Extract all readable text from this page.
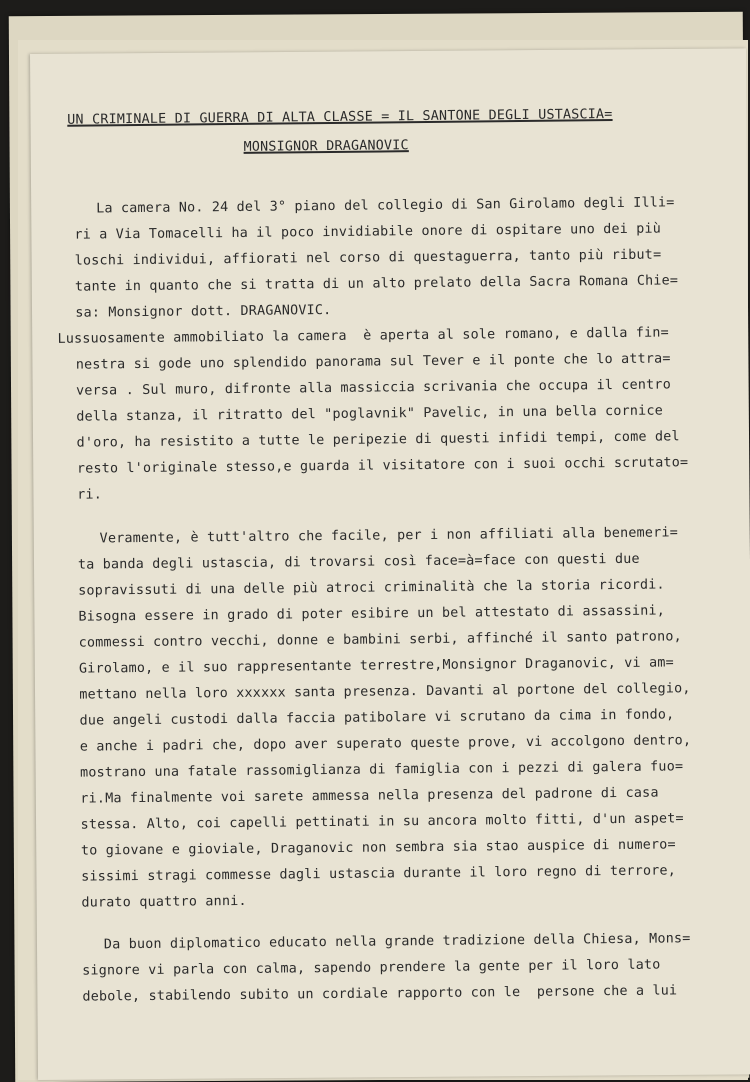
UN CRIMINALE DI GUERRA DI ALTA CLASSE = IL SANTONE DEGLI USTASCIA=
MONSIGNOR DRAGANOVIC
La camera No. 24 del 3° piano del collegio di San Girolamo degli Illi=
ri a Via Tomacelli ha il poco invidiabile onore di ospitare uno dei più
loschi individui, affiorati nel corso di questaguerra, tanto più ribut=
tante in quanto che si tratta di un alto prelato della Sacra Romana Chie=
sa: Monsignor dott. DRAGANOVIC.
Lussuosamente ammobiliato la camera  è aperta al sole romano, e dalla fin=
nestra si gode uno splendido panorama sul Tever e il ponte che lo attra=
versa . Sul muro, difronte alla massiccia scrivania che occupa il centro
della stanza, il ritratto del "poglavnik" Pavelic, in una bella cornice
d'oro, ha resistito a tutte le peripezie di questi infidi tempi, come del
resto l'originale stesso,e guarda il visitatore con i suoi occhi scrutato=
ri.
Veramente, è tutt'altro che facile, per i non affiliati alla benemeri=
ta banda degli ustascia, di trovarsi così face=à=face con questi due
sopravissuti di una delle più atroci criminalità che la storia ricordi.
Bisogna essere in grado di poter esibire un bel attestato di assassini,
commessi contro vecchi, donne e bambini serbi, affinché il santo patrono,
Girolamo, e il suo rappresentante terrestre,Monsignor Draganovic, vi am=
mettano nella loro xxxxxx santa presenza. Davanti al portone del collegio,
due angeli custodi dalla faccia patibolare vi scrutano da cima in fondo,
e anche i padri che, dopo aver superato queste prove, vi accolgono dentro,
mostrano una fatale rassomiglianza di famiglia con i pezzi di galera fuo=
ri.Ma finalmente voi sarete ammessa nella presenza del padrone di casa
stessa. Alto, coi capelli pettinati in su ancora molto fitti, d'un aspet=
to giovane e gioviale, Draganovic non sembra sia stao auspice di numero=
sissimi stragi commesse dagli ustascia durante il loro regno di terrore,
durato quattro anni.
Da buon diplomatico educato nella grande tradizione della Chiesa, Mons=
signore vi parla con calma, sapendo prendere la gente per il loro lato
debole, stabilendo subito un cordiale rapporto con le  persone che a lui
